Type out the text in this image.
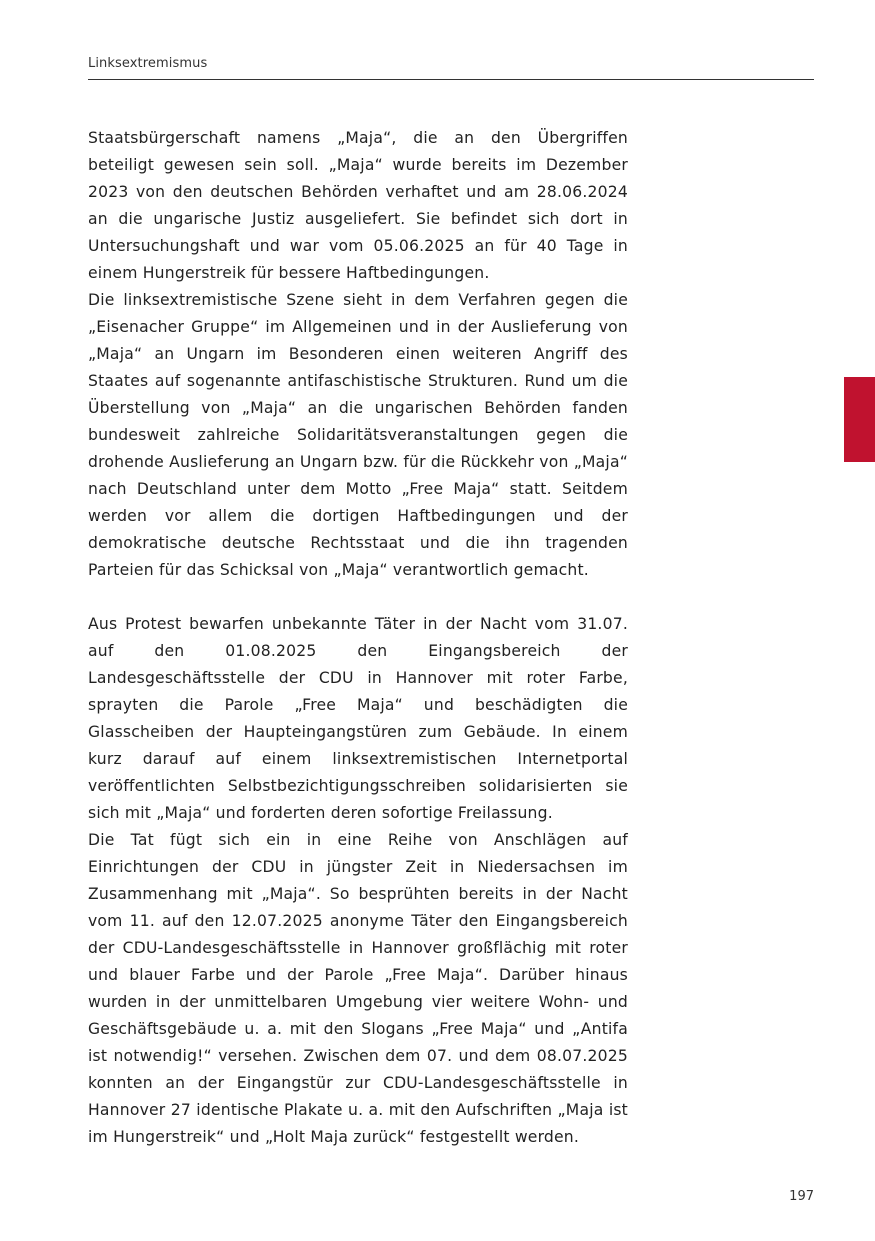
Linksextremismus

Staatsbürgerschaft namens „Maja“, die an den Übergriffen beteiligt gewesen sein soll. „Maja“ wurde bereits im Dezember 2023 von den deutschen Behörden verhaftet und am 28.06.2024 an die ungarische Justiz ausgeliefert. Sie befindet sich dort in Untersuchungshaft und war vom 05.06.2025 an für 40 Tage in einem Hungerstreik für bessere Haftbedingungen.

Die linksextremistische Szene sieht in dem Verfahren gegen die „Eisenacher Gruppe“ im Allgemeinen und in der Auslieferung von „Maja“ an Ungarn im Besonderen einen weiteren Angriff des Staates auf sogenannte antifaschistische Strukturen. Rund um die Überstellung von „Maja“ an die ungarischen Behörden fanden bundesweit zahlreiche Solidaritätsveranstaltungen gegen die drohende Auslieferung an Ungarn bzw. für die Rückkehr von „Maja“ nach Deutschland unter dem Motto „Free Maja“ statt. Seitdem werden vor allem die dortigen Haftbedingungen und der demokratische deutsche Rechtsstaat und die ihn tragenden Parteien für das Schicksal von „Maja“ verantwortlich gemacht.

Aus Protest bewarfen unbekannte Täter in der Nacht vom 31.07. auf den 01.08.2025 den Eingangsbereich der Landesgeschäftsstelle der CDU in Hannover mit roter Farbe, sprayten die Parole „Free Maja“ und beschädigten die Glasscheiben der Haupteingangstüren zum Gebäude. In einem kurz darauf auf einem linksextremistischen Internetportal veröffentlichten Selbstbezichtigungsschreiben solidarisierten sie sich mit „Maja“ und forderten deren sofortige Freilassung.

Die Tat fügt sich ein in eine Reihe von Anschlägen auf Einrichtungen der CDU in jüngster Zeit in Niedersachsen im Zusammenhang mit „Maja“. So besprühten bereits in der Nacht vom 11. auf den 12.07.2025 anonyme Täter den Eingangsbereich der CDU-Landesgeschäftsstelle in Hannover großflächig mit roter und blauer Farbe und der Parole „Free Maja“. Darüber hinaus wurden in der unmittelbaren Umgebung vier weitere Wohn- und Geschäftsgebäude u. a. mit den Slogans „Free Maja“ und „Antifa ist notwendig!“ versehen. Zwischen dem 07. und dem 08.07.2025 konnten an der Eingangstür zur CDU-Landesgeschäftsstelle in Hannover 27 identische Plakate u. a. mit den Aufschriften „Maja ist im Hungerstreik“ und „Holt Maja zurück“ festgestellt werden.

197
